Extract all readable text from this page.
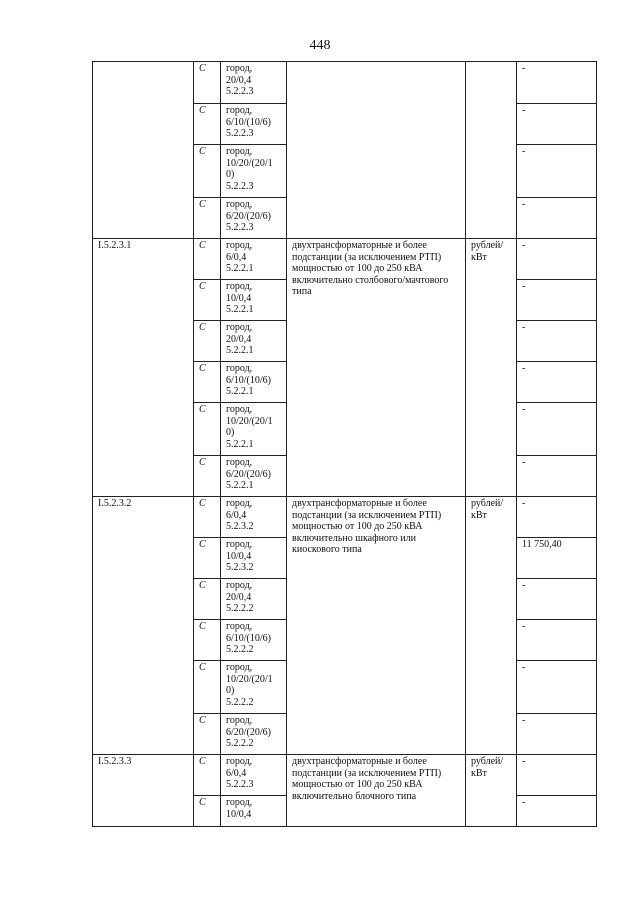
448
	С	город,
20/0,4
5.2.2.3			-
	С	город,
6/10/(10/6)
5.2.2.3			-
	С	город,
10/20/(20/1
0)
5.2.2.3			-
	С	город,
6/20/(20/6)
5.2.2.3			-
I.5.2.3.1	С	город,
6/0,4
5.2.2.1	двухтрансформаторные и более подстанции (за исключением РТП) мощностью от 100 до 250 кВА включительно столбового/мачтового типа	рублей/ кВт	-
	С	город,
10/0,4
5.2.2.1			-
	С	город,
20/0,4
5.2.2.1			-
	С	город,
6/10/(10/6)
5.2.2.1			-
	С	город,
10/20/(20/1
0)
5.2.2.1			-
	С	город,
6/20/(20/6)
5.2.2.1			-
I.5.2.3.2	С	город,
6/0,4
5.2.3.2	двухтрансформаторные и более подстанции (за исключением РТП) мощностью от 100 до 250 кВА включительно шкафного или киоскового типа	рублей/ кВт	-
	С	город,
10/0,4
5.2.3.2			11 750,40
	С	город,
20/0,4
5.2.2.2			-
	С	город,
6/10/(10/6)
5.2.2.2			-
	С	город,
10/20/(20/1
0)
5.2.2.2			-
	С	город,
6/20/(20/6)
5.2.2.2			-
I.5.2.3.3	С	город,
6/0,4
5.2.2.3	двухтрансформаторные и более подстанции (за исключением РТП) мощностью от 100 до 250 кВА включительно блочного типа	рублей/ кВт	-
	С	город,
10/0,4			-
